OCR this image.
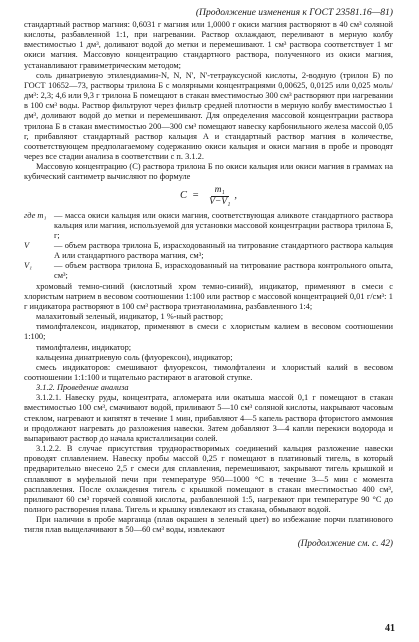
(Продолжение изменения к ГОСТ 23581.16—81)

стандартный раствор магния: 0,6031 г магния или 1,0000 г окиси магния растворяют в 40 см³ соляной кислоты, разбавленной 1:1, при нагревании. Раствор охлаждают, переливают в мерную колбу вместимостью 1 дм³, доливают водой до метки и перемешивают. 1 см³ раствора соответствует 1 мг окиси магния. Массовую концентрацию стандартного раствора, полученного из окиси магния, устанавливают гравиметрическим методом;

соль динатриевую этилендиамин-N, N, N', N'-тетрауксусной кислоты, 2-водную (трилон Б) по ГОСТ 10652—73, растворы трилона Б с молярными концентрациями 0,00625, 0,0125 или 0,025 моль/дм³: 2,3; 4,6 или 9,3 г трилона Б помещают в стакан вместимостью 300 см³ растворяют при нагревании в 100 см³ воды. Раствор фильтруют через фильтр средней плотности в мерную колбу вместимостью 1 дм³, доливают водой до метки и перемешивают. Для определения массовой концентрации раствора трилона Б в стакан вместимостью 200—300 см³ помещают навеску карбонильного железа массой 0,05 г, прибавляют стандартный раствор кальция А и стандартный раствор магния в количестве, соответствующем предполагаемому содержанию окиси кальция и окиси магния в пробе и проводят через все стадии анализа в соответствии с п. 3.1.2.

Массовую концентрацию (С) раствора трилона Б по окиси кальция или окиси магния в граммах на кубический сантиметр вычисляют по формуле

$C = \frac{\text{m₁}}{\text{V−V₁}}$ ,
где m₁ — масса окиси кальция или окиси магния, соответствующая аликвоте стандартного раствора кальция или магния, используемой для установки массовой концентрации раствора трилона Б, г;
V	— объем раствора трилона Б, израсходованный на титрование стандартного раствора кальция А или стандартного раствора магния, см³;
V₁	— объем раствора трилона Б, израсходованный на титрование раствора контрольного опыта, см³;

хромовый темно-синий (кислотный хром темно-синий), индикатор, применяют в смеси с хлористым натрием в весовом соотношении 1:100 или раствор с массовой концентрацией 0,01 г/см³: 1 г индикатора растворяют в 100 см³ раствора триэтаноламина, разбавленного 1:4;

малахитовый зеленый, индикатор, 1 %-ный раствор;

тимолфталексон, индикатор, применяют в смеси с хлористым калием в весовом соотношении 1:100;

тимолфталеин, индикатор;

кальцеина динатриевую соль (флуорексон), индикатор;

смесь индикаторов: смешивают флуорексон, тимолфталеин и хлористый калий в весовом соотношении 1:1:100 и тщательно растирают в агатовой ступке.

3.1.2. Проведение анализа

3.1.2.1. Навеску руды, концентрата, агломерата или окатыша массой 0,1 г помещают в стакан вместимостью 100 см³, смачивают водой, приливают 5—10 см³ соляной кислоты, накрывают часовым стеклом, нагревают и кипятят в течение 1 мин, прибавляют 4—5 капель раствора фтористого аммония и продолжают нагревать до разложения навески. Затем добавляют 3—4 капли перекиси водорода и выпаривают раствор до начала кристаллизации солей.

3.1.2.2. В случае присутствия труднорастворимых соединений кальция разложение навески проводят сплавлением. Навеску пробы массой 0,25 г помещают в платиновый тигель, в который предварительно внесено 2,5 г смеси для сплавления, перемешивают, закрывают тигель крышкой и сплавляют в муфельной печи при температуре 950—1000 °С в течение 3—5 мин с момента расплавления. После охлаждения тигель с крышкой помещают в стакан вместимостью 400 см³, приливают 60 см³ горячей соляной кислоты, разбавленной 1:5, нагревают при температуре 90 °С до полного растворения плава. Тигель и крышку извлекают из стакана, обмывают водой.

При наличии в пробе марганца (плав окрашен в зеленый цвет) во избежание порчи платинового тигля плав выщелачивают в 50—60 см³ воды, извлекают

(Продолжение см. с. 42)
41
